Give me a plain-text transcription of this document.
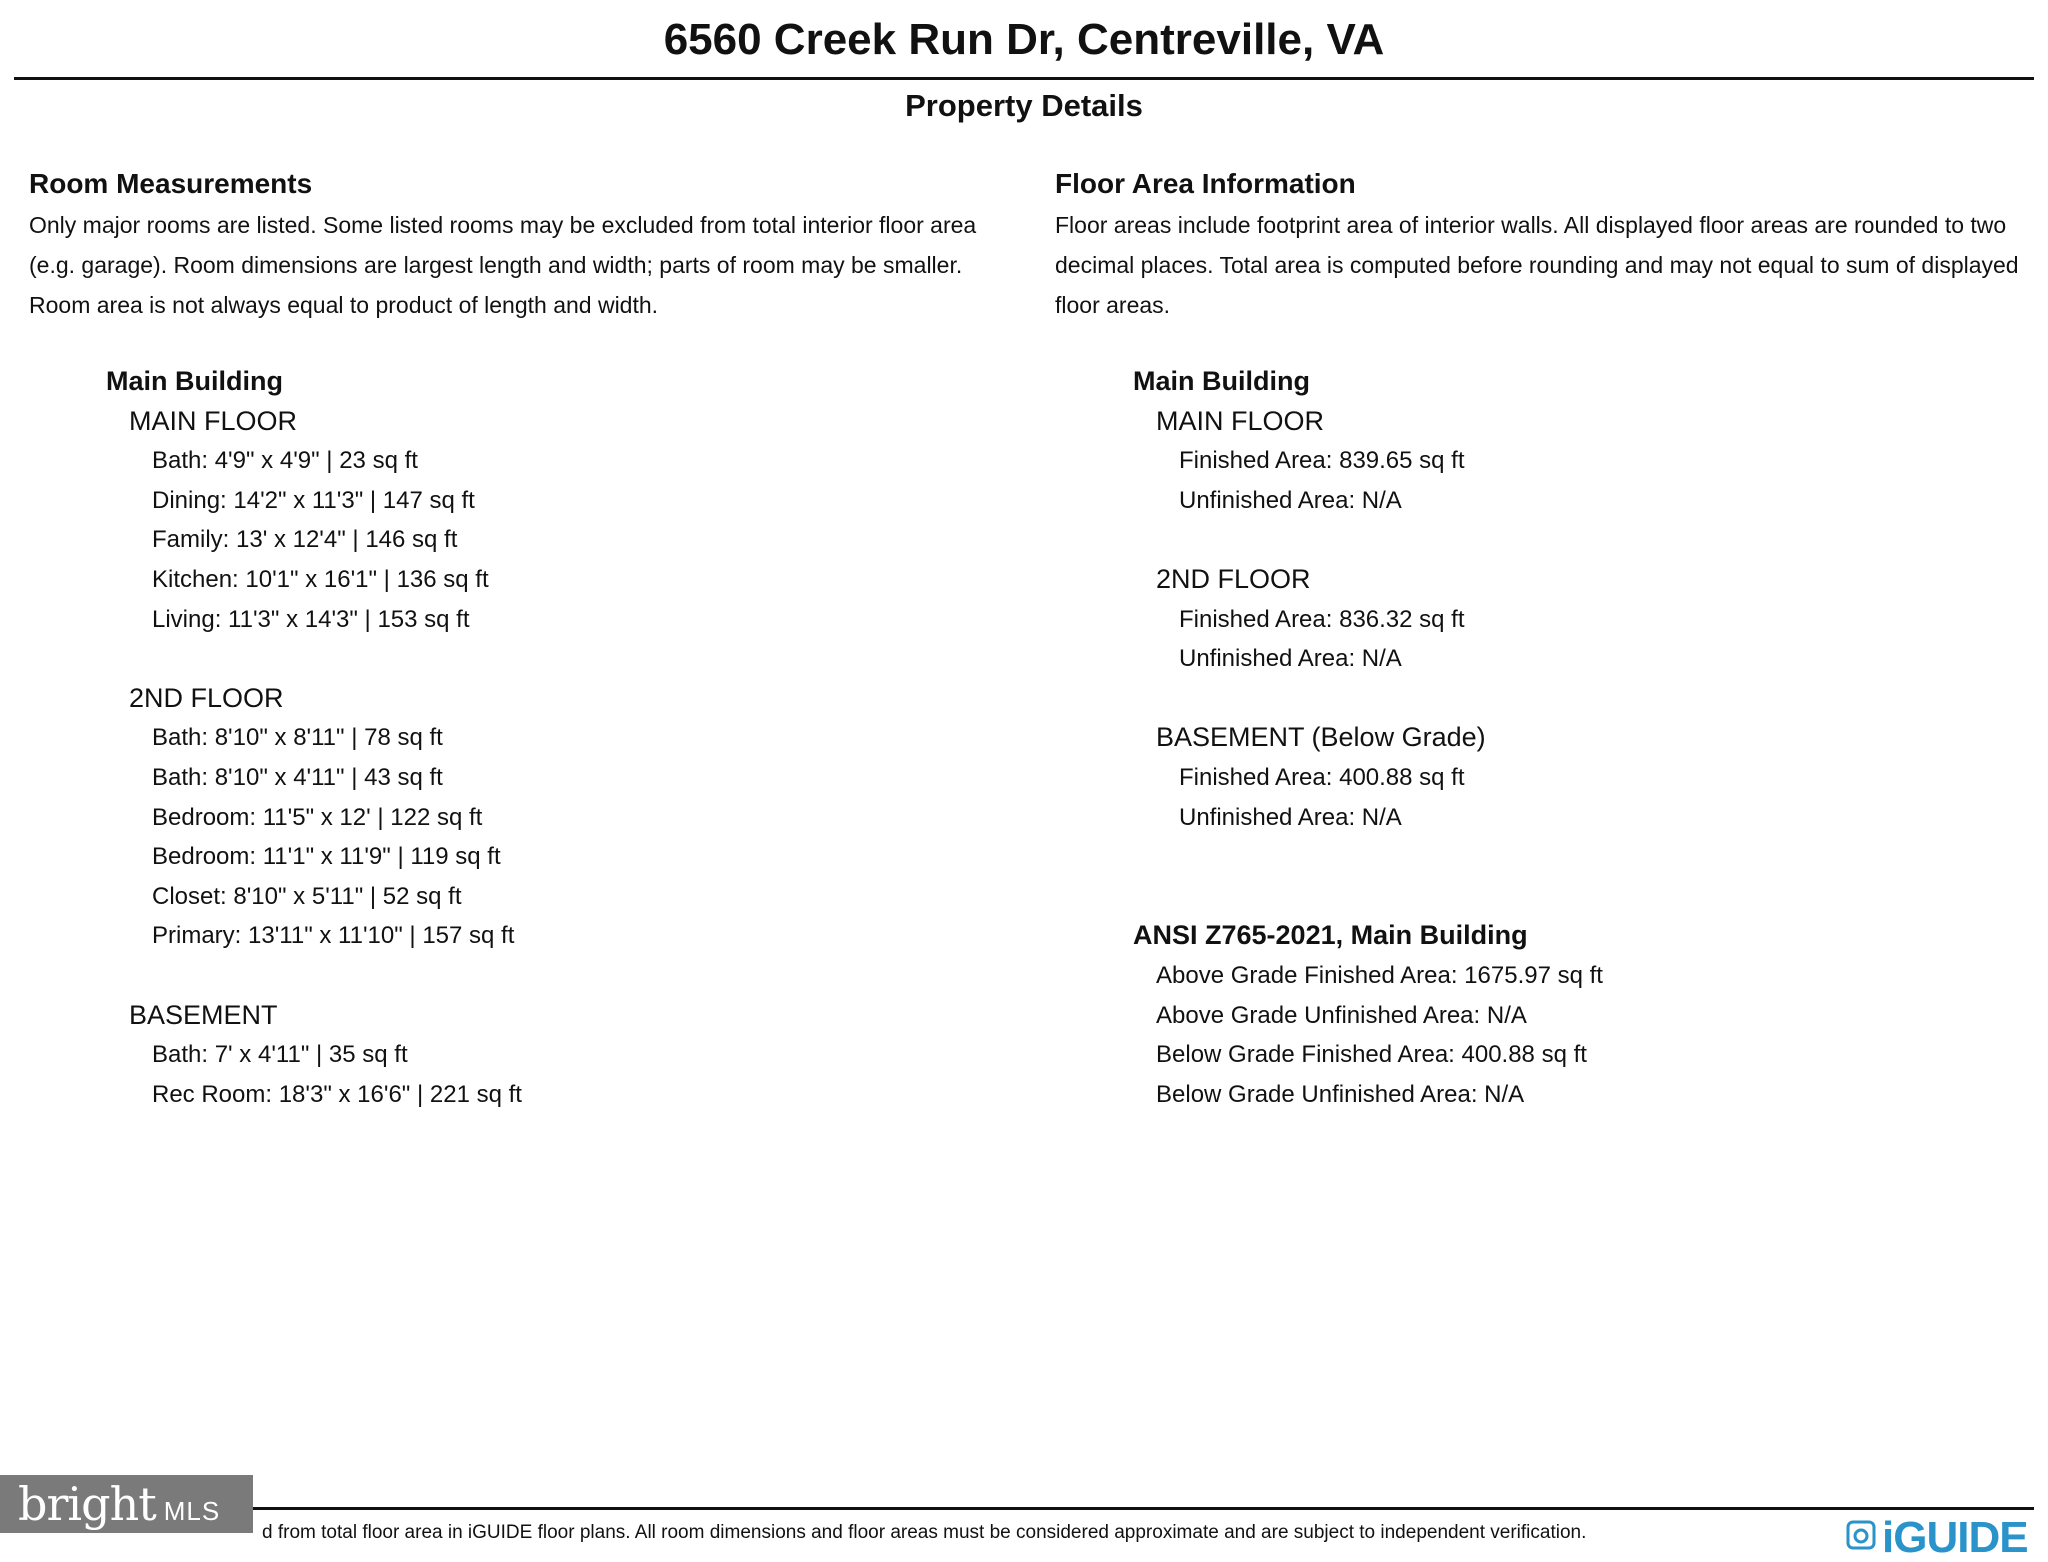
6560 Creek Run Dr, Centreville, VA
Property Details
Room Measurements
Only major rooms are listed. Some listed rooms may be excluded from total interior floor area
(e.g. garage). Room dimensions are largest length and width; parts of room may be smaller.
Room area is not always equal to product of length and width.
Main Building
MAIN FLOOR
Bath: 4'9" x 4'9" | 23 sq ft
Dining: 14'2" x 11'3" | 147 sq ft
Family: 13' x 12'4" | 146 sq ft
Kitchen: 10'1" x 16'1" | 136 sq ft
Living: 11'3" x 14'3" | 153 sq ft
2ND FLOOR
Bath: 8'10" x 8'11" | 78 sq ft
Bath: 8'10" x 4'11" | 43 sq ft
Bedroom: 11'5" x 12' | 122 sq ft
Bedroom: 11'1" x 11'9" | 119 sq ft
Closet: 8'10" x 5'11" | 52 sq ft
Primary: 13'11" x 11'10" | 157 sq ft
BASEMENT
Bath: 7' x 4'11" | 35 sq ft
Rec Room: 18'3" x 16'6" | 221 sq ft
Floor Area Information
Floor areas include footprint area of interior walls. All displayed floor areas are rounded to two
decimal places. Total area is computed before rounding and may not equal to sum of displayed
floor areas.
Main Building
MAIN FLOOR
Finished Area: 839.65 sq ft
Unfinished Area: N/A
2ND FLOOR
Finished Area: 836.32 sq ft
Unfinished Area: N/A
BASEMENT (Below Grade)
Finished Area: 400.88 sq ft
Unfinished Area: N/A
ANSI Z765-2021, Main Building
Above Grade Finished Area: 1675.97 sq ft
Above Grade Unfinished Area: N/A
Below Grade Finished Area: 400.88 sq ft
Below Grade Unfinished Area: N/A
d from total floor area in iGUIDE floor plans. All room dimensions and floor areas must be considered approximate and are subject to independent verification.
bright MLS
iGUIDE
